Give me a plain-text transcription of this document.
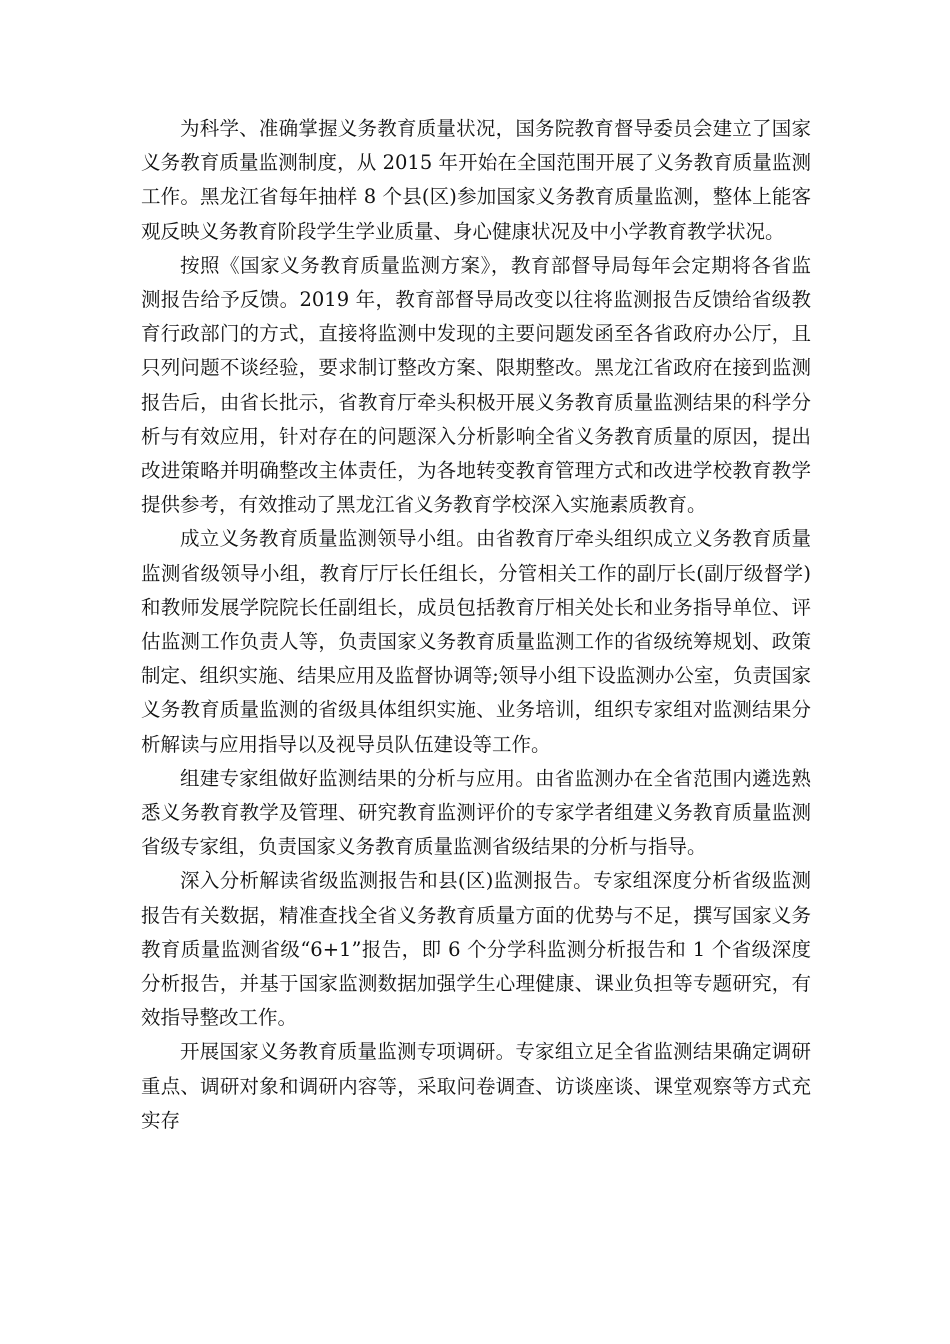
为科学、准确掌握义务教育质量状况，国务院教育督导委员会建立了国家义务教育质量监测制度，从 2015 年开始在全国范围开展了义务教育质量监测工作。黑龙江省每年抽样 8 个县(区)参加国家义务教育质量监测，整体上能客观反映义务教育阶段学生学业质量、身心健康状况及中小学教育教学状况。

按照《国家义务教育质量监测方案》，教育部督导局每年会定期将各省监测报告给予反馈。2019 年，教育部督导局改变以往将监测报告反馈给省级教育行政部门的方式，直接将监测中发现的主要问题发函至各省政府办公厅，且只列问题不谈经验，要求制订整改方案、限期整改。黑龙江省政府在接到监测报告后，由省长批示，省教育厅牵头积极开展义务教育质量监测结果的科学分析与有效应用，针对存在的问题深入分析影响全省义务教育质量的原因，提出改进策略并明确整改主体责任，为各地转变教育管理方式和改进学校教育教学提供参考，有效推动了黑龙江省义务教育学校深入实施素质教育。

成立义务教育质量监测领导小组。由省教育厅牵头组织成立义务教育质量监测省级领导小组，教育厅厅长任组长，分管相关工作的副厅长(副厅级督学)和教师发展学院院长任副组长，成员包括教育厅相关处长和业务指导单位、评估监测工作负责人等，负责国家义务教育质量监测工作的省级统筹规划、政策制定、组织实施、结果应用及监督协调等;领导小组下设监测办公室，负责国家义务教育质量监测的省级具体组织实施、业务培训，组织专家组对监测结果分析解读与应用指导以及视导员队伍建设等工作。

组建专家组做好监测结果的分析与应用。由省监测办在全省范围内遴选熟悉义务教育教学及管理、研究教育监测评价的专家学者组建义务教育质量监测省级专家组，负责国家义务教育质量监测省级结果的分析与指导。

深入分析解读省级监测报告和县(区)监测报告。专家组深度分析省级监测报告有关数据，精准查找全省义务教育质量方面的优势与不足，撰写国家义务教育质量监测省级“6+1”报告，即 6 个分学科监测分析报告和 1 个省级深度分析报告，并基于国家监测数据加强学生心理健康、课业负担等专题研究，有效指导整改工作。

开展国家义务教育质量监测专项调研。专家组立足全省监测结果确定调研重点、调研对象和调研内容等，采取问卷调查、访谈座谈、课堂观察等方式充实存
